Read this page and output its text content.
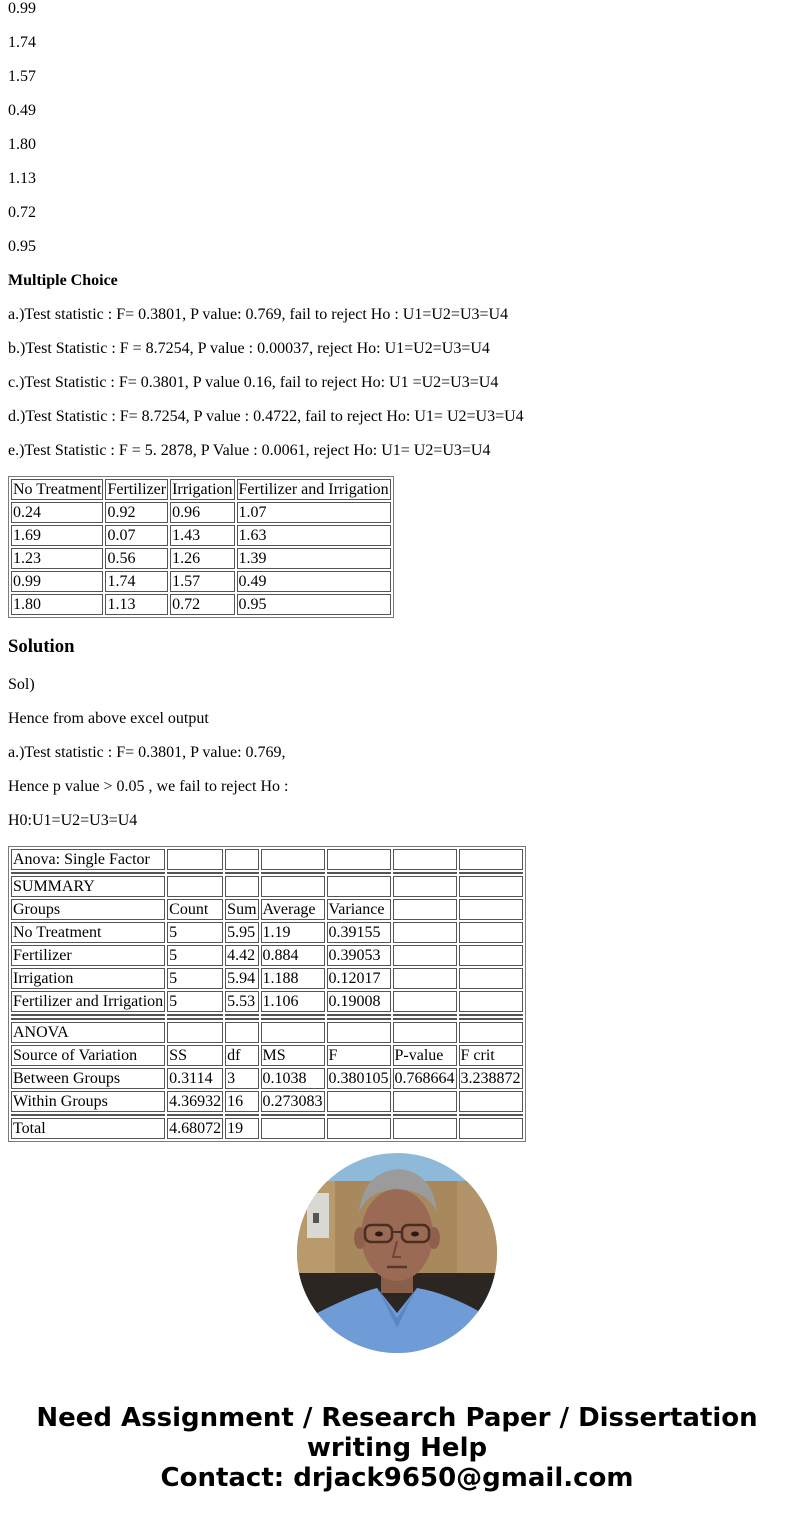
0.99

1.74

1.57

0.49

1.80

1.13

0.72

0.95

Multiple Choice

a.)Test statistic : F= 0.3801, P value: 0.769, fail to reject Ho : U1=U2=U3=U4

b.)Test Statistic : F = 8.7254, P value : 0.00037, reject Ho: U1=U2=U3=U4

c.)Test Statistic : F= 0.3801, P value 0.16, fail to reject Ho: U1 =U2=U3=U4

d.)Test Statistic : F= 8.7254, P value : 0.4722, fail to reject Ho: U1= U2=U3=U4

e.)Test Statistic : F = 5. 2878, P Value : 0.0061, reject Ho: U1= U2=U3=U4

No Treatment	Fertilizer	Irrigation	Fertilizer and Irrigation
0.24	0.92	0.96	1.07
1.69	0.07	1.43	1.63
1.23	0.56	1.26	1.39
0.99	1.74	1.57	0.49
1.80	1.13	0.72	0.95
Solution

Sol)

Hence from above excel output

a.)Test statistic : F= 0.3801, P value: 0.769,

Hence p value > 0.05 , we fail to reject Ho :

H0:U1=U2=U3=U4

Anova: Single Factor						

SUMMARY						
Groups	Count	Sum	Average	Variance		
No Treatment	5	5.95	1.19	0.39155		
Fertilizer	5	4.42	0.884	0.39053		
Irrigation	5	5.94	1.188	0.12017		
Fertilizer and Irrigation	5	5.53	1.106	0.19008		

ANOVA						
Source of Variation	SS	df	MS	F	P-value	F crit
Between Groups	0.3114	3	0.1038	0.380105	0.768664	3.238872
Within Groups	4.36932	16	0.273083			

Total	4.68072	19				
Need Assignment / Research Paper / Dissertation
writing Help
Contact: drjack9650@gmail.com
